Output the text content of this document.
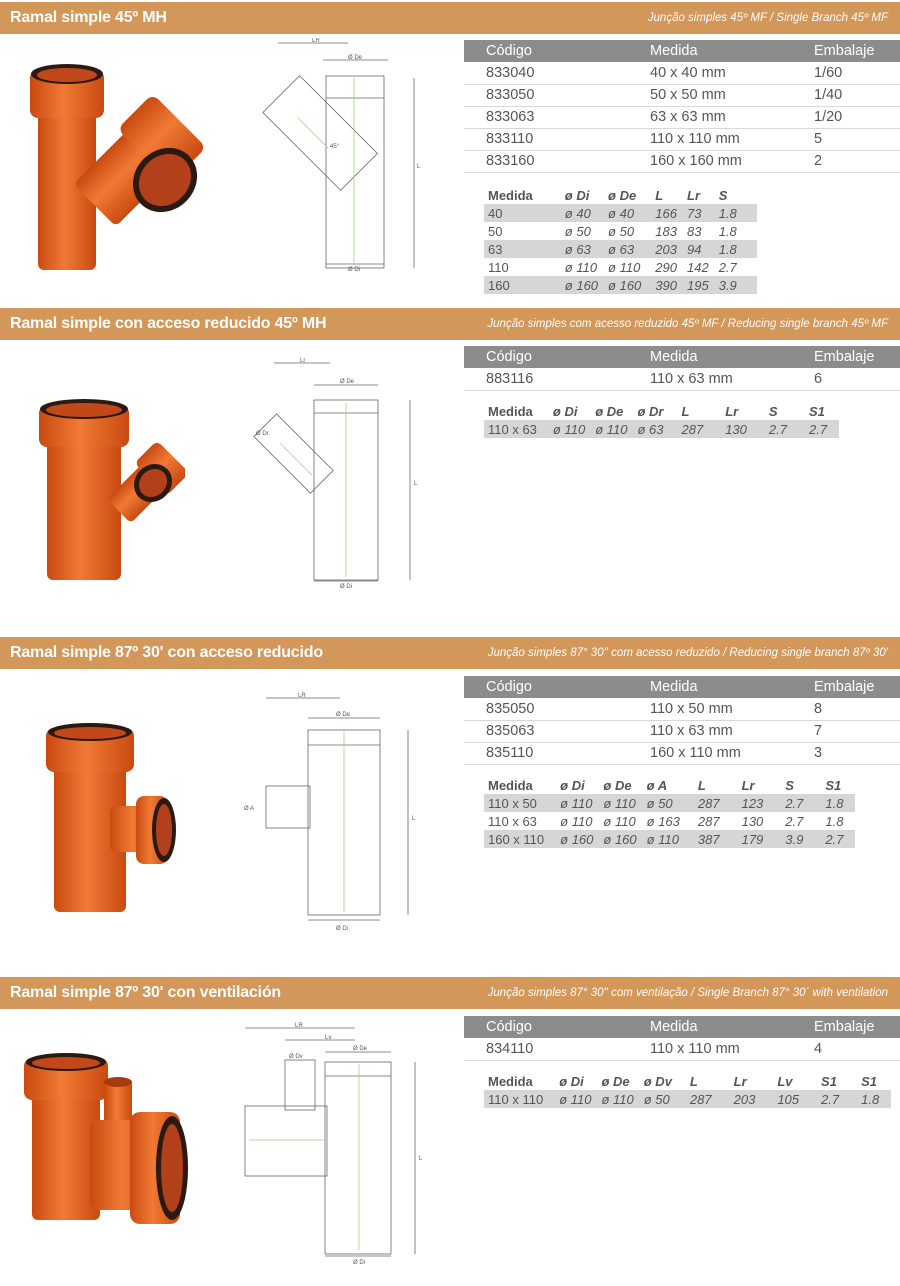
Ramal simple 45º MH	Junção simples 45º MF / Single Branch 45º MF
LR
Ø De
Ø Di
L
45°
Código	Medida	Embalaje
833040	40 x 40 mm	1/60
833050	50 x 50 mm	1/40
833063	63 x 63 mm	1/20
833110	110 x 110 mm	5
833160	160 x 160 mm	2
Medida	ø Di	ø De	L	Lr	S
40	ø 40	ø 40	166	73	1.8
50	ø 50	ø 50	183	83	1.8
63	ø 63	ø 63	203	94	1.8
110	ø 110	ø 110	290	142	2.7
160	ø 160	ø 160	390	195	3.9
Ramal simple con acceso reducido 45º MH	Junção simples com acesso reduzido 45º MF / Reducing single branch 45º MF
Lr
Ø De
Ø Di
Ø Dr
L
Código	Medida	Embalaje
883116	110 x 63 mm	6
Medida	ø Di	ø De	ø Dr	L	Lr	S	S1
110 x 63	ø 110	ø 110	ø 63	287	130	2.7	2.7
Ramal simple 87º 30' con acceso reducido	Junção simples 87° 30'' com acesso reduzido / Reducing single branch 87º 30'
LR
Ø De
Ø Di
Ø A
L
Código	Medida	Embalaje
835050	110 x 50 mm	8
835063	110 x 63 mm	7
835110	160 x 110 mm	3
Medida	ø Di	ø De	ø A	L	Lr	S	S1
110 x 50	ø 110	ø 110	ø 50	287	123	2.7	1.8
110 x 63	ø 110	ø 110	ø 163	287	130	2.7	1.8
160 x 110	ø 160	ø 160	ø 110	387	179	3.9	2.7
Ramal simple 87º 30' con ventilación	Junção simples 87° 30'' com ventilação / Single Branch 87° 30´ with ventilation
LR
Lv
Ø Dv
Ø De
Ø Di
L
Código	Medida	Embalaje
834110	110 x 110 mm	4
Medida	ø Di	ø De	ø Dv	L	Lr	Lv	S1	S1
110 x 110	ø 110	ø 110	ø 50	287	203	105	2.7	1.8
